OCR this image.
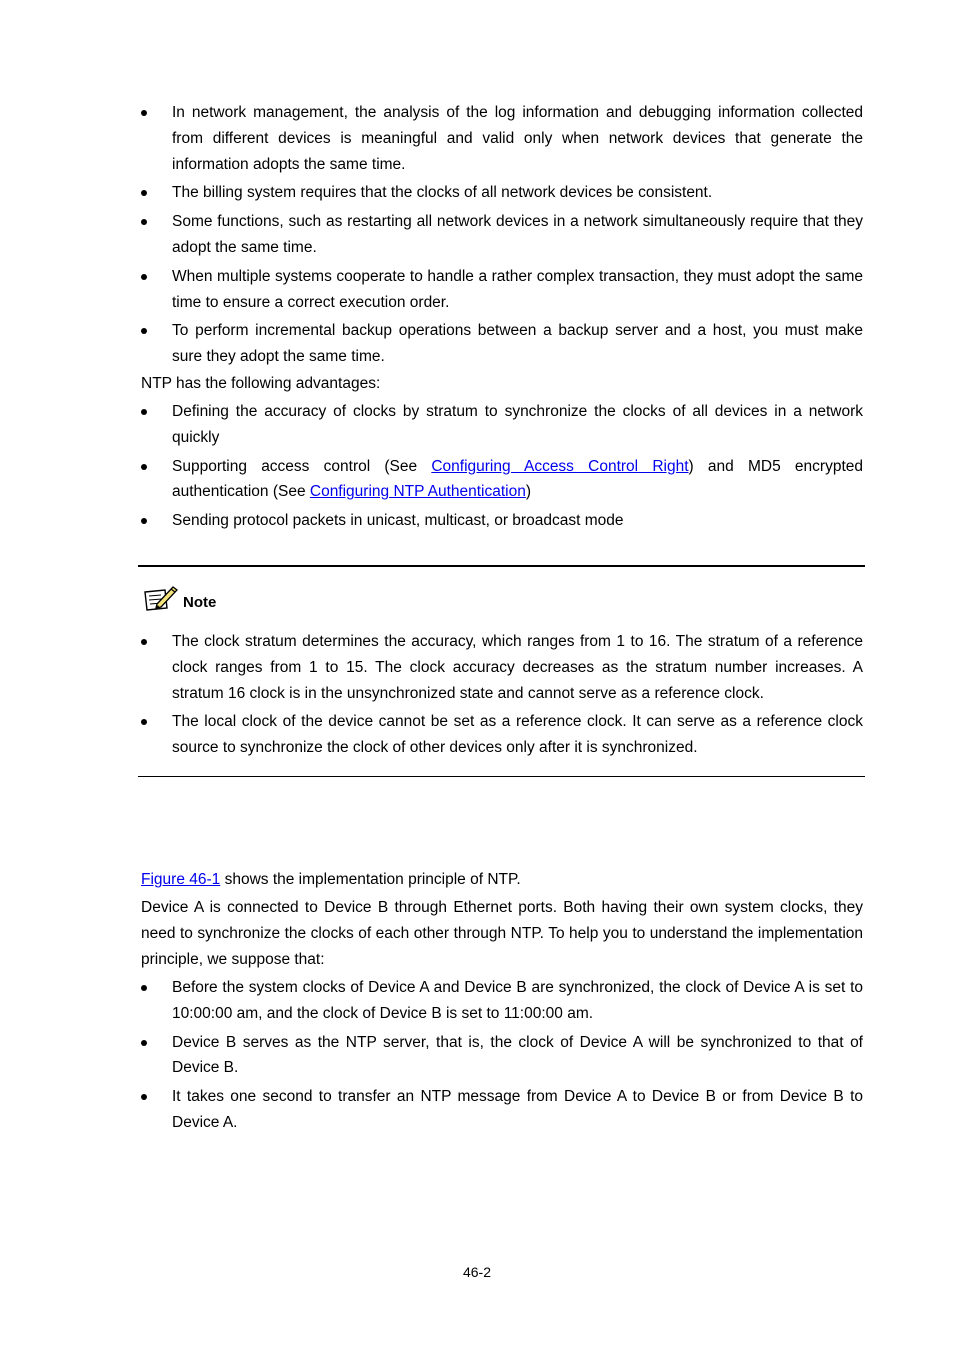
In network management, the analysis of the log information and debugging information collected from different devices is meaningful and valid only when network devices that generate the information adopts the same time.
The billing system requires that the clocks of all network devices be consistent.
Some functions, such as restarting all network devices in a network simultaneously require that they adopt the same time.
When multiple systems cooperate to handle a rather complex transaction, they must adopt the same time to ensure a correct execution order.
To perform incremental backup operations between a backup server and a host, you must make sure they adopt the same time.

NTP has the following advantages:

Defining the accuracy of clocks by stratum to synchronize the clocks of all devices in a network quickly
Supporting access control (See Configuring Access Control Right) and MD5 encrypted authentication (See Configuring NTP Authentication)
Sending protocol packets in unicast, multicast, or broadcast mode
Note
The clock stratum determines the accuracy, which ranges from 1 to 16. The stratum of a reference clock ranges from 1 to 15. The clock accuracy decreases as the stratum number increases. A stratum 16 clock is in the unsynchronized state and cannot serve as a reference clock.
The local clock of the device cannot be set as a reference clock. It can serve as a reference clock source to synchronize the clock of other devices only after it is synchronized.

Figure 46-1 shows the implementation principle of NTP.

Device A is connected to Device B through Ethernet ports. Both having their own system clocks, they need to synchronize the clocks of each other through NTP. To help you to understand the implementation principle, we suppose that:

Before the system clocks of Device A and Device B are synchronized, the clock of Device A is set to 10:00:00 am, and the clock of Device B is set to 11:00:00 am.
Device B serves as the NTP server, that is, the clock of Device A will be synchronized to that of Device B.
It takes one second to transfer an NTP message from Device A to Device B or from Device B to Device A.
46-2
